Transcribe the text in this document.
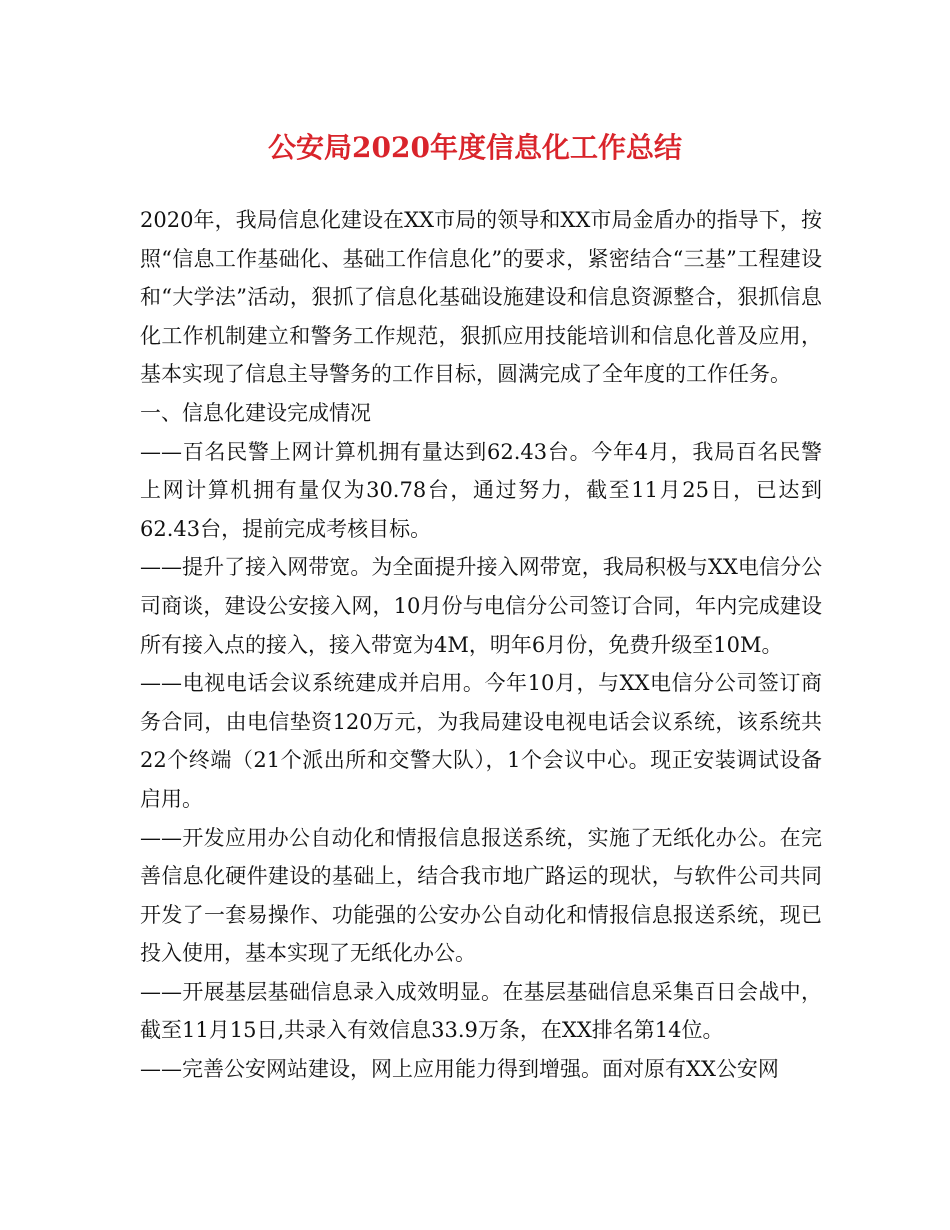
公安局2020年度信息化工作总结

2020年，我局信息化建设在XX市局的领导和XX市局金盾办的指导下，按照“信息工作基础化、基础工作信息化”的要求，紧密结合“三基”工程建设和“大学法”活动，狠抓了信息化基础设施建设和信息资源整合，狠抓信息化工作机制建立和警务工作规范，狠抓应用技能培训和信息化普及应用，基本实现了信息主导警务的工作目标，圆满完成了全年度的工作任务。

一、信息化建设完成情况

——百名民警上网计算机拥有量达到62.43台。今年4月，我局百名民警上网计算机拥有量仅为30.78台，通过努力，截至11月25日，已达到62.43台，提前完成考核目标。

——提升了接入网带宽。为全面提升接入网带宽，我局积极与XX电信分公司商谈，建设公安接入网，10月份与电信分公司签订合同，年内完成建设所有接入点的接入，接入带宽为4M，明年6月份，免费升级至10M。

——电视电话会议系统建成并启用。今年10月，与XX电信分公司签订商务合同，由电信垫资120万元，为我局建设电视电话会议系统，该系统共22个终端（21个派出所和交警大队），1个会议中心。现正安装调试设备启用。

——开发应用办公自动化和情报信息报送系统，实施了无纸化办公。在完善信息化硬件建设的基础上，结合我市地广路运的现状，与软件公司共同开发了一套易操作、功能强的公安办公自动化和情报信息报送系统，现已投入使用，基本实现了无纸化办公。

——开展基层基础信息录入成效明显。在基层基础信息采集百日会战中，截至11月15日,共录入有效信息33.9万条，在XX排名第14位。

——完善公安网站建设，网上应用能力得到增强。面对原有XX公安网
